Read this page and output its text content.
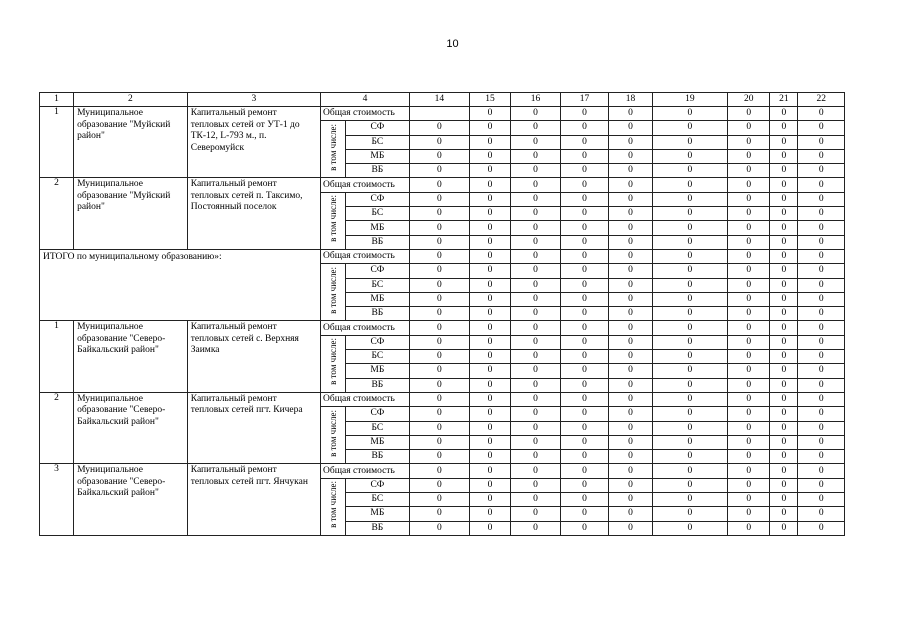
10
1	2	3	4		14	15	16	17	18	19	20	21	22
1	Муниципальное образование "Муйский район"	Капитальный ремонт тепловых сетей от УТ-1 до ТК-12, L-793 м., п. Северомуйск	Общая стоимость			0	0	0	0	0	0	0	0
			в том числе:	СФ	0	0	0	0	0	0	0	0	0
				БС	0	0	0	0	0	0	0	0	0
				МБ	0	0	0	0	0	0	0	0	0
				ВБ	0	0	0	0	0	0	0	0	0
2	Муниципальное образование "Муйский район"	Капитальный ремонт тепловых сетей п. Таксимо, Постоянный поселок	Общая стоимость		0	0	0	0	0	0	0	0	0
			в том числе:	СФ	0	0	0	0	0	0	0	0	0
				БС	0	0	0	0	0	0	0	0	0
				МБ	0	0	0	0	0	0	0	0	0
				ВБ	0	0	0	0	0	0	0	0	0
ИТОГО по муниципальному образованию»:			Общая стоимость		0	0	0	0	0	0	0	0	0
			в том числе:	СФ	0	0	0	0	0	0	0	0	0
				БС	0	0	0	0	0	0	0	0	0
				МБ	0	0	0	0	0	0	0	0	0
				ВБ	0	0	0	0	0	0	0	0	0
1	Муниципальное образование "Северо-Байкальский район"	Капитальный ремонт тепловых сетей с. Верхняя Заимка	Общая стоимость		0	0	0	0	0	0	0	0	0
			в том числе:	СФ	0	0	0	0	0	0	0	0	0
				БС	0	0	0	0	0	0	0	0	0
				МБ	0	0	0	0	0	0	0	0	0
				ВБ	0	0	0	0	0	0	0	0	0
2	Муниципальное образование "Северо-Байкальский район"	Капитальный ремонт тепловых сетей пгт. Кичера	Общая стоимость		0	0	0	0	0	0	0	0	0
			в том числе:	СФ	0	0	0	0	0	0	0	0	0
				БС	0	0	0	0	0	0	0	0	0
				МБ	0	0	0	0	0	0	0	0	0
				ВБ	0	0	0	0	0	0	0	0	0
3	Муниципальное образование "Северо-Байкальский район"	Капитальный ремонт тепловых сетей пгт. Янчукан	Общая стоимость		0	0	0	0	0	0	0	0	0
			в том числе:	СФ	0	0	0	0	0	0	0	0	0
				БС	0	0	0	0	0	0	0	0	0
				МБ	0	0	0	0	0	0	0	0	0
				ВБ	0	0	0	0	0	0	0	0	0
